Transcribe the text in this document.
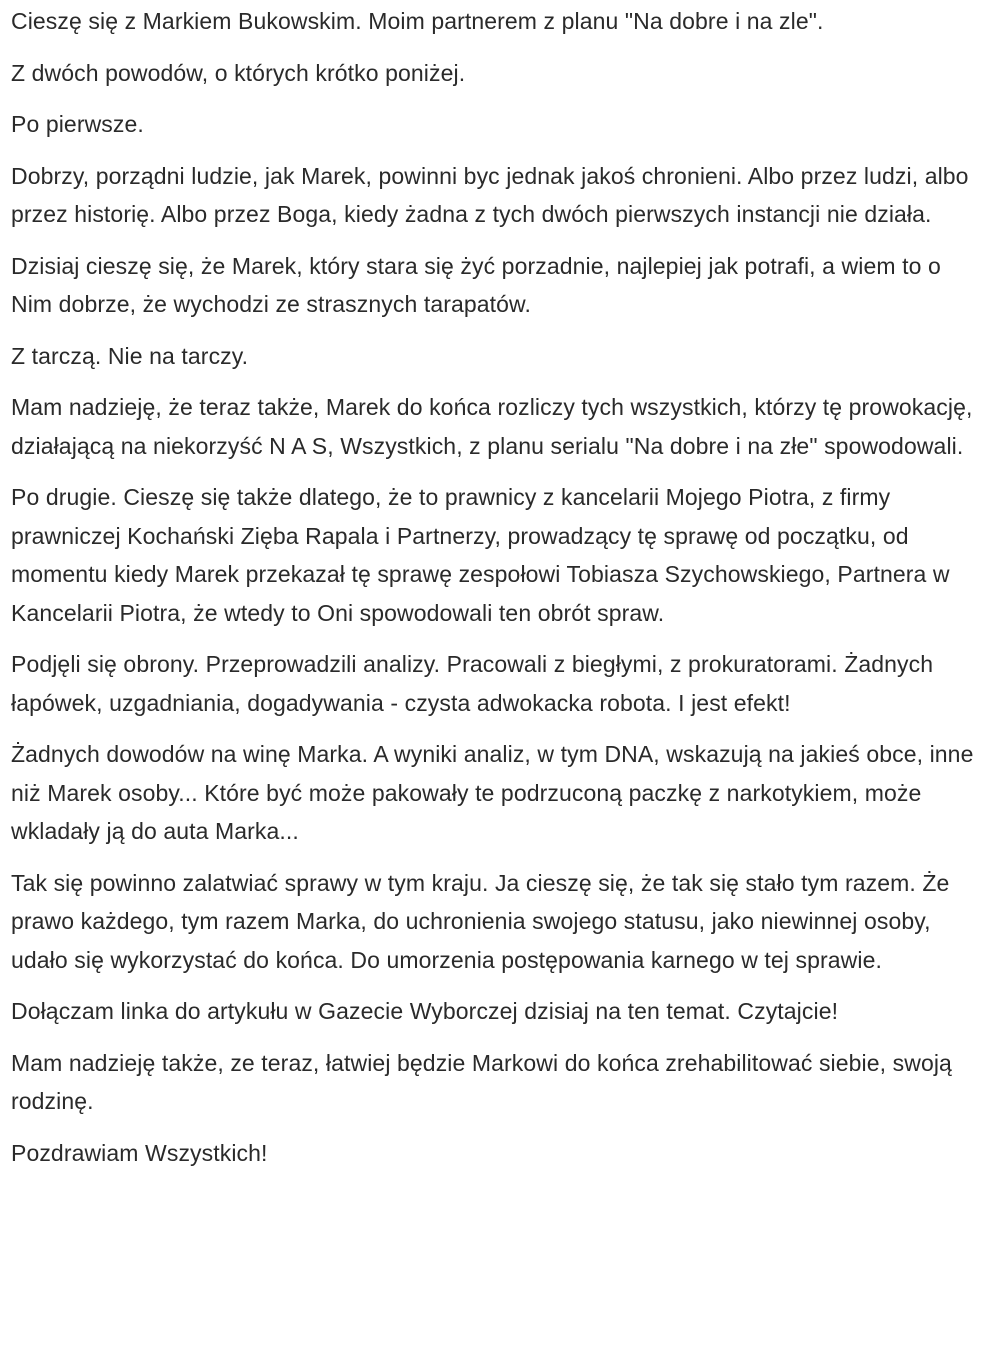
Cieszę się z Markiem Bukowskim. Moim partnerem z planu "Na dobre i na zle".

Z dwóch powodów, o których krótko poniżej.

Po pierwsze.

Dobrzy, porządni ludzie, jak Marek, powinni byc jednak jakoś chronieni. Albo przez ludzi, albo przez historię. Albo przez Boga, kiedy żadna z tych dwóch pierwszych instancji nie działa.

Dzisiaj cieszę się, że Marek, który stara się żyć porzadnie, najlepiej jak potrafi, a wiem to o Nim dobrze, że wychodzi ze strasznych tarapatów.

Z tarczą. Nie na tarczy.

Mam nadzieję, że teraz także, Marek do końca rozliczy tych wszystkich, którzy tę prowokację, działającą na niekorzyść N A S, Wszystkich, z planu serialu "Na dobre i na złe" spowodowali.

Po drugie. Cieszę się także dlatego, że to prawnicy z kancelarii Mojego Piotra, z firmy prawniczej Kochański Zięba Rapala i Partnerzy, prowadzący tę sprawę od początku, od momentu kiedy Marek przekazał tę sprawę zespołowi Tobiasza Szychowskiego, Partnera w Kancelarii Piotra, że wtedy to Oni spowodowali ten obrót spraw.

Podjęli się obrony. Przeprowadzili analizy. Pracowali z biegłymi, z prokuratorami. Żadnych łapówek, uzgadniania, dogadywania - czysta adwokacka robota. I jest efekt!

Żadnych dowodów na winę Marka. A wyniki analiz, w tym DNA, wskazują na jakieś obce, inne niż Marek osoby... Które być może pakowały te podrzuconą paczkę z narkotykiem, może wkladały ją do auta Marka...

Tak się powinno zalatwiać sprawy w tym kraju. Ja cieszę się, że tak się stało tym razem. Że prawo każdego, tym razem Marka, do uchronienia swojego statusu, jako niewinnej osoby, udało się wykorzystać do końca. Do umorzenia postępowania karnego w tej sprawie.

Dołączam linka do artykułu w Gazecie Wyborczej dzisiaj na ten temat. Czytajcie!

Mam nadzieję także, ze teraz, łatwiej będzie Markowi do końca zrehabilitować siebie, swoją rodzinę.

Pozdrawiam Wszystkich!
